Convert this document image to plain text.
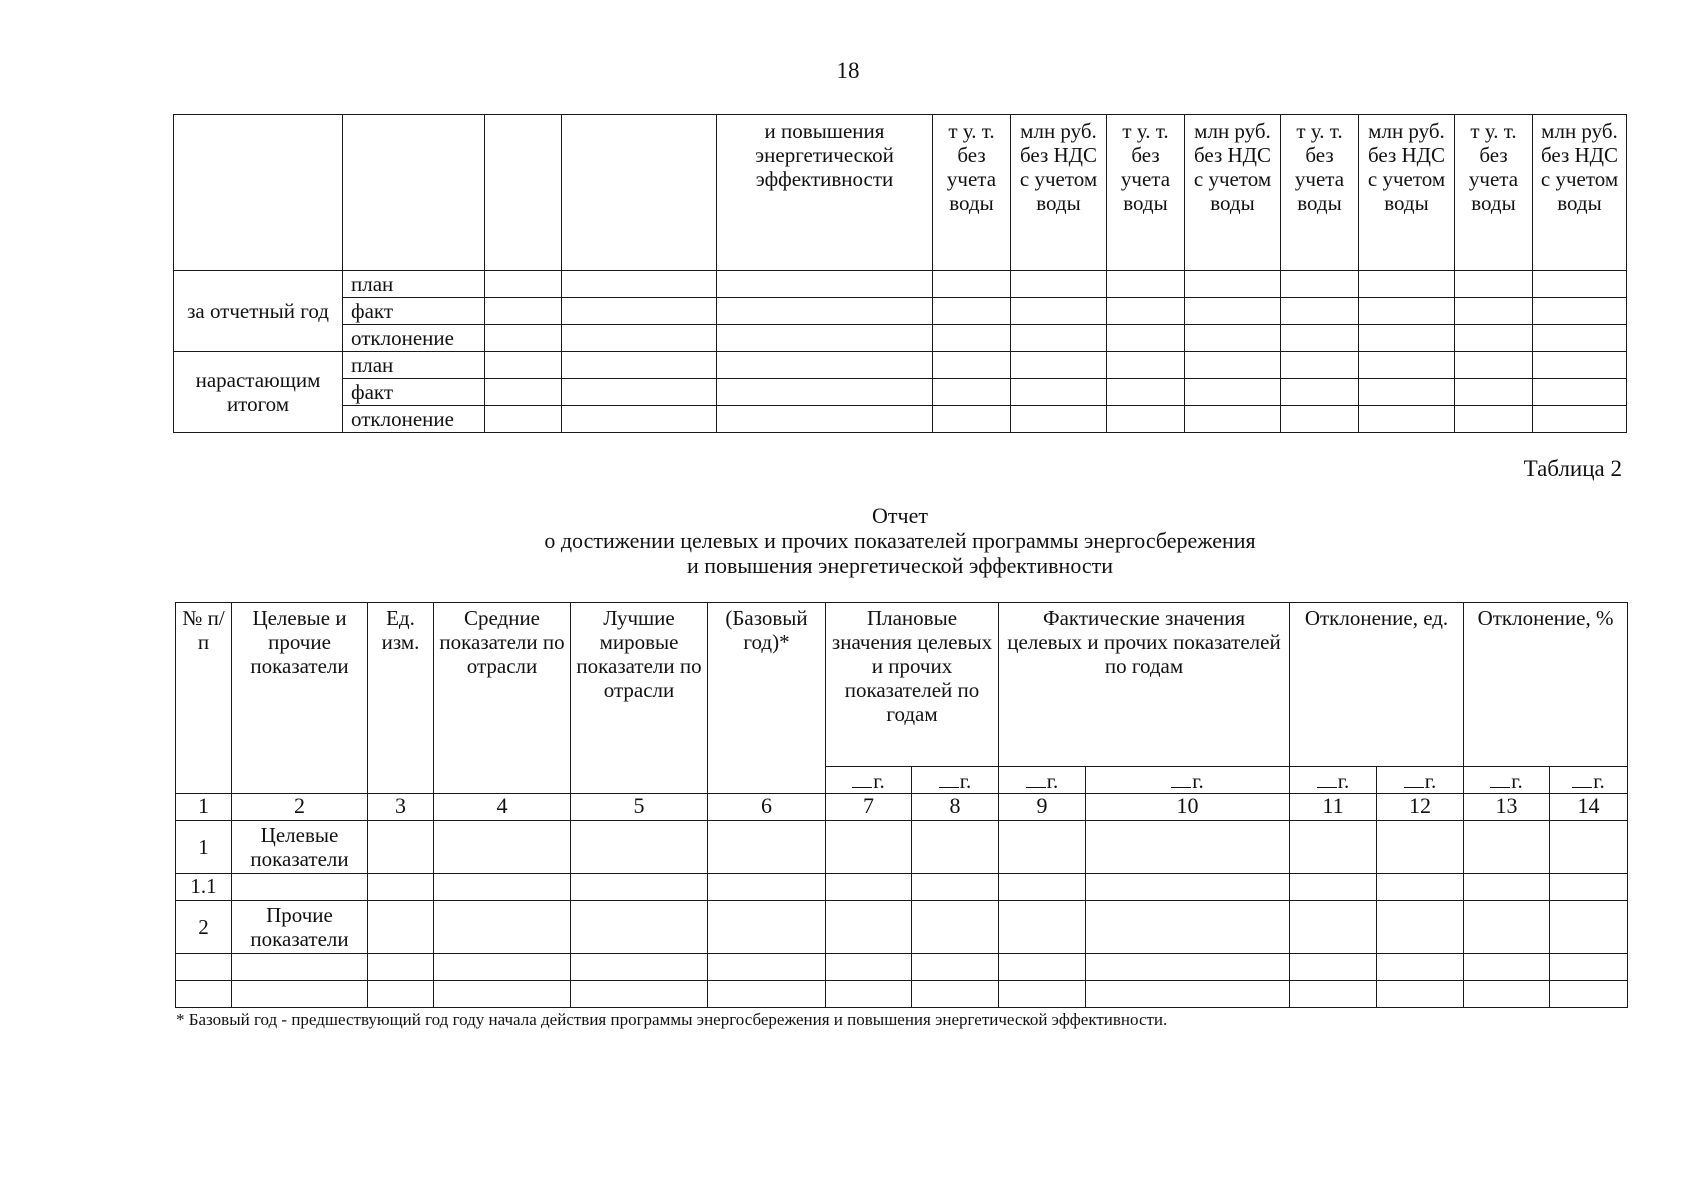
18
				и повышения энергетической эффективности	т у. т. без учета воды	млн руб. без НДС с учетом воды	т у. т. без учета воды	млн руб. без НДС с учетом воды	т у. т. без учета воды	млн руб. без НДС с учетом воды	т у. т. без учета воды	млн руб. без НДС с учетом воды
за отчетный год	план											
	факт											
	отклонение											
нарастающим итогом	план											
	факт											
	отклонение											
Таблица 2
Отчет
о достижении целевых и прочих показателей программы энергосбережения
и повышения энергетической эффективности
№ п/п	Целевые и прочие показатели	Ед. изм.	Средние показатели по отрасли	Лучшие мировые показатели по отрасли	(Базовый год)*	Плановые значения целевых и прочих показателей по годам		Фактические значения целевых и прочих показателей по годам		Отклонение, ед.		Отклонение, %	
						г.	г.	г.	г.	г.	г.	г.	г.
1	2	3	4	5	6	7	8	9	10	11	12	13	14
1	Целевые показатели												
1.1													
2	Прочие показатели												

* Базовый год - предшествующий год году начала действия программы энергосбережения и повышения энергетической эффективности.
